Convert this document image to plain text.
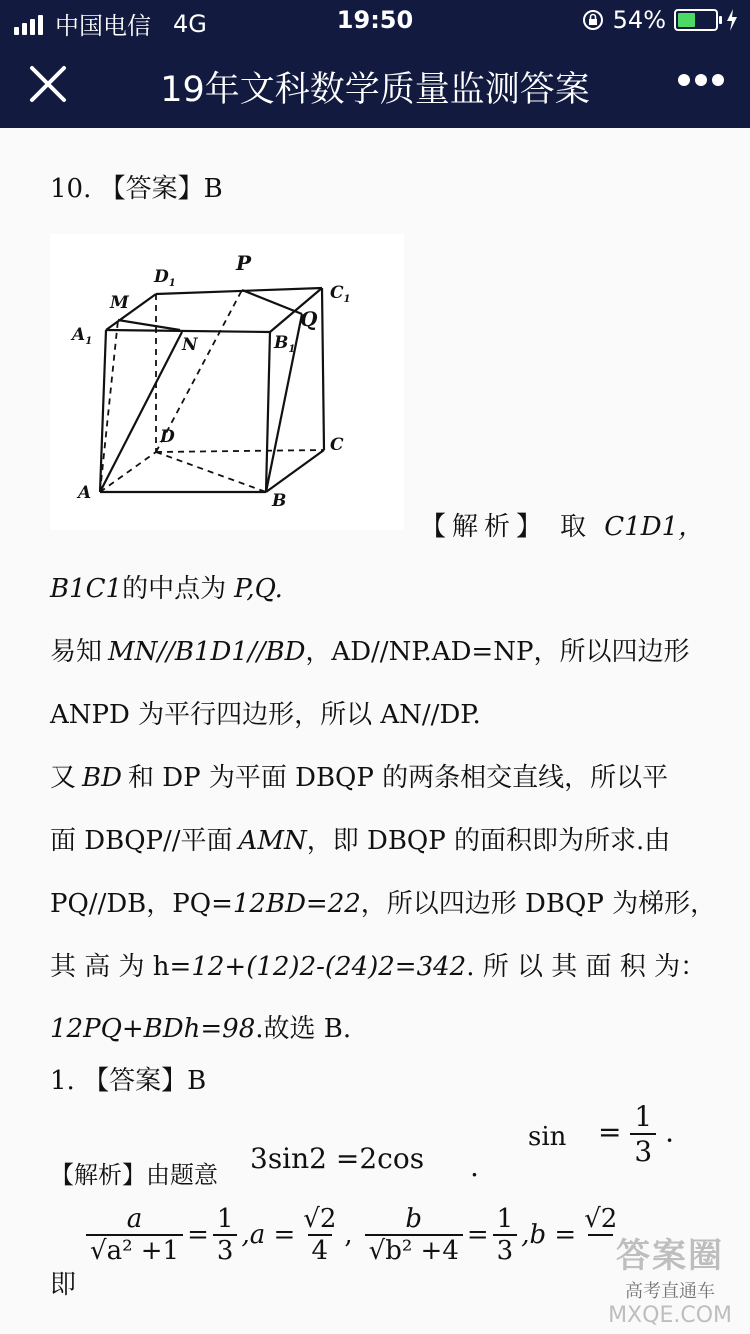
中国电信 4G	19:50	54%
19年文科数学质量监测答案
10. 【答案】B
P
Q
M
N
$D_1$	$C_1$
$A_1$	$B_1$
D	C
A	B
【解析】 取 C1D1，
B1C1的中点为 P,Q.
易知 MN//B1D1//BD，AD//NP.AD=NP，所以四边形
ANPD 为平行四边形，所以 AN//DP.
又 BD 和 DP 为平面 DBQP 的两条相交直线，所以平
面 DBQP//平面 AMN，即 DBQP 的面积即为所求.由
PQ//DB，PQ=12BD=22，所以四边形 DBQP 为梯形，
其 高 为 h=12+(12)2-(24)2=342. 所 以 其 面 积 为：
12PQ+BDh=98.故选 B.
1. 【答案】B
【解析】由题意 3sin2 =2cos .
$\sin = \frac{1}{3}$ .
即
$\frac{a}{\text{√a² +1}} = \frac{1}{3} ,a = \frac{√2}{4}$ , $\frac{b}{\text{√b² +4}} = \frac{1}{3} ,b$ =
√2
答案圈
高考直通车
MXQE.COM
